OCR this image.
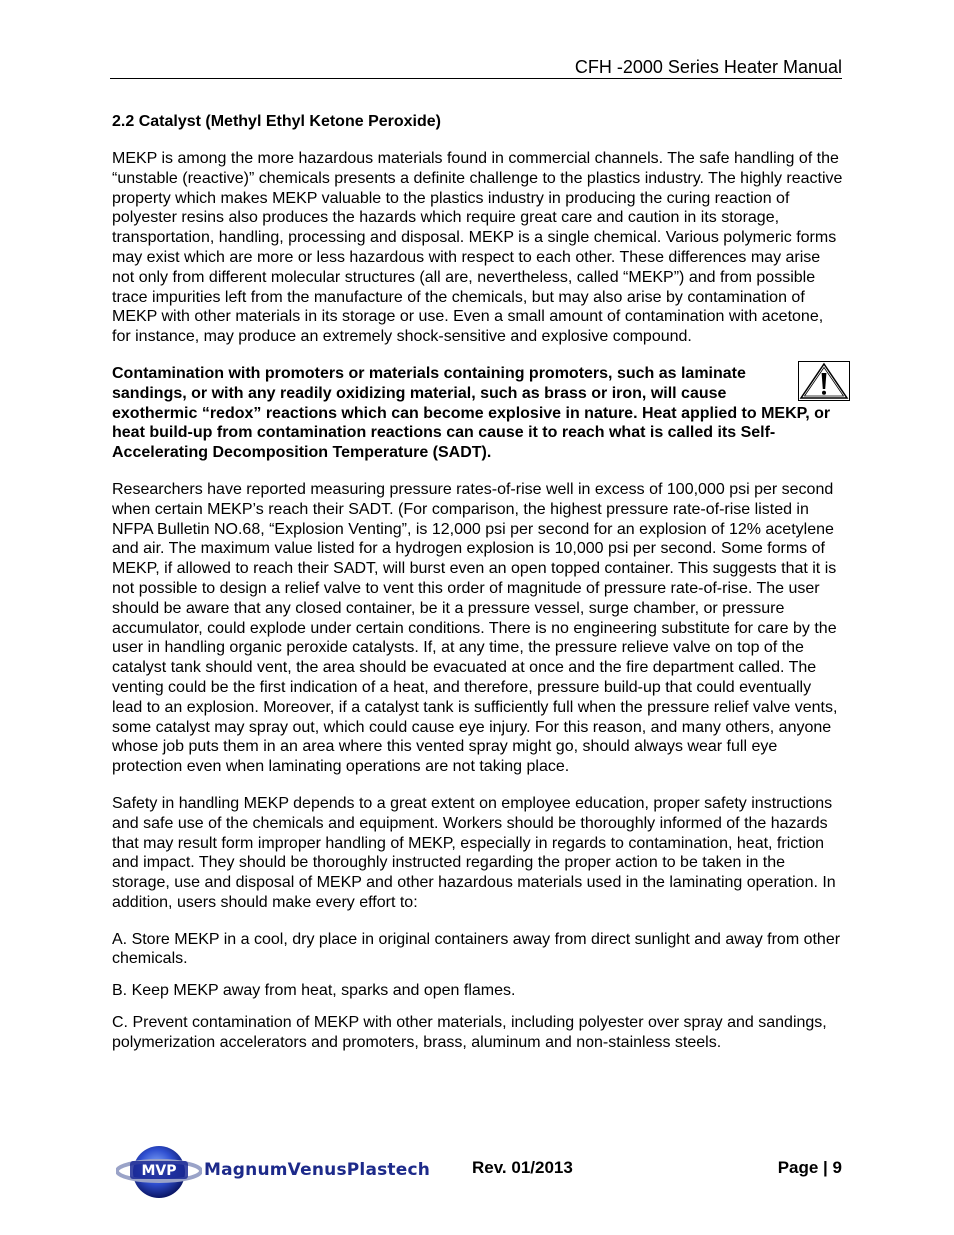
CFH -2000 Series Heater Manual
2.2 Catalyst (Methyl Ethyl Ketone Peroxide)

MEKP is among the more hazardous materials found in commercial channels. The safe handling of the “unstable (reactive)” chemicals presents a definite challenge to the plastics industry. The highly reactive property which makes MEKP valuable to the plastics industry in producing the curing reaction of polyester resins also produces the hazards which require great care and caution in its storage, transportation, handling, processing and disposal. MEKP is a single chemical. Various polymeric forms may exist which are more or less hazardous with respect to each other. These differences may arise not only from different molecular structures (all are, nevertheless, called “MEKP”) and from possible trace impurities left from the manufacture of the chemicals, but may also arise by contamination of MEKP with other materials in its storage or use. Even a small amount of contamination with acetone, for instance, may produce an extremely shock-sensitive and explosive compound.

Contamination with promoters or materials containing promoters, such as laminate sandings, or with any readily oxidizing material, such as brass or iron, will cause exothermic “redox” reactions which can become explosive in nature. Heat applied to MEKP, or heat build-up from contamination reactions can cause it to reach what is called its Self-Accelerating Decomposition Temperature (SADT).

Researchers have reported measuring pressure rates-of-rise well in excess of 100,000 psi per second when certain MEKP’s reach their SADT. (For comparison, the highest pressure rate-of-rise listed in NFPA Bulletin NO.68, “Explosion Venting”, is 12,000 psi per second for an explosion of 12% acetylene and air. The maximum value listed for a hydrogen explosion is 10,000 psi per second. Some forms of MEKP, if allowed to reach their SADT, will burst even an open topped container. This suggests that it is not possible to design a relief valve to vent this order of magnitude of pressure rate-of-rise. The user should be aware that any closed container, be it a pressure vessel, surge chamber, or pressure accumulator, could explode under certain conditions. There is no engineering substitute for care by the user in handling organic peroxide catalysts. If, at any time, the pressure relieve valve on top of the catalyst tank should vent, the area should be evacuated at once and the fire department called. The venting could be the first indication of a heat, and therefore, pressure build-up that could eventually lead to an explosion. Moreover, if a catalyst tank is sufficiently full when the pressure relief valve vents, some catalyst may spray out, which could cause eye injury. For this reason, and many others, anyone whose job puts them in an area where this vented spray might go, should always wear full eye protection even when laminating operations are not taking place.

Safety in handling MEKP depends to a great extent on employee education, proper safety instructions and safe use of the chemicals and equipment. Workers should be thoroughly informed of the hazards that may result form improper handling of MEKP, especially in regards to contamination, heat, friction and impact. They should be thoroughly instructed regarding the proper action to be taken in the storage, use and disposal of MEKP and other hazardous materials used in the laminating operation. In addition, users should make every effort to:

A. Store MEKP in a cool, dry place in original containers away from direct sunlight and away from other chemicals.
B. Keep MEKP away from heat, sparks and open flames.
C. Prevent contamination of MEKP with other materials, including polyester over spray and sandings, polymerization accelerators and promoters, brass, aluminum and non-stainless steels.
MVP MagnumVenusPlastech Rev. 01/2013	Page | 9
